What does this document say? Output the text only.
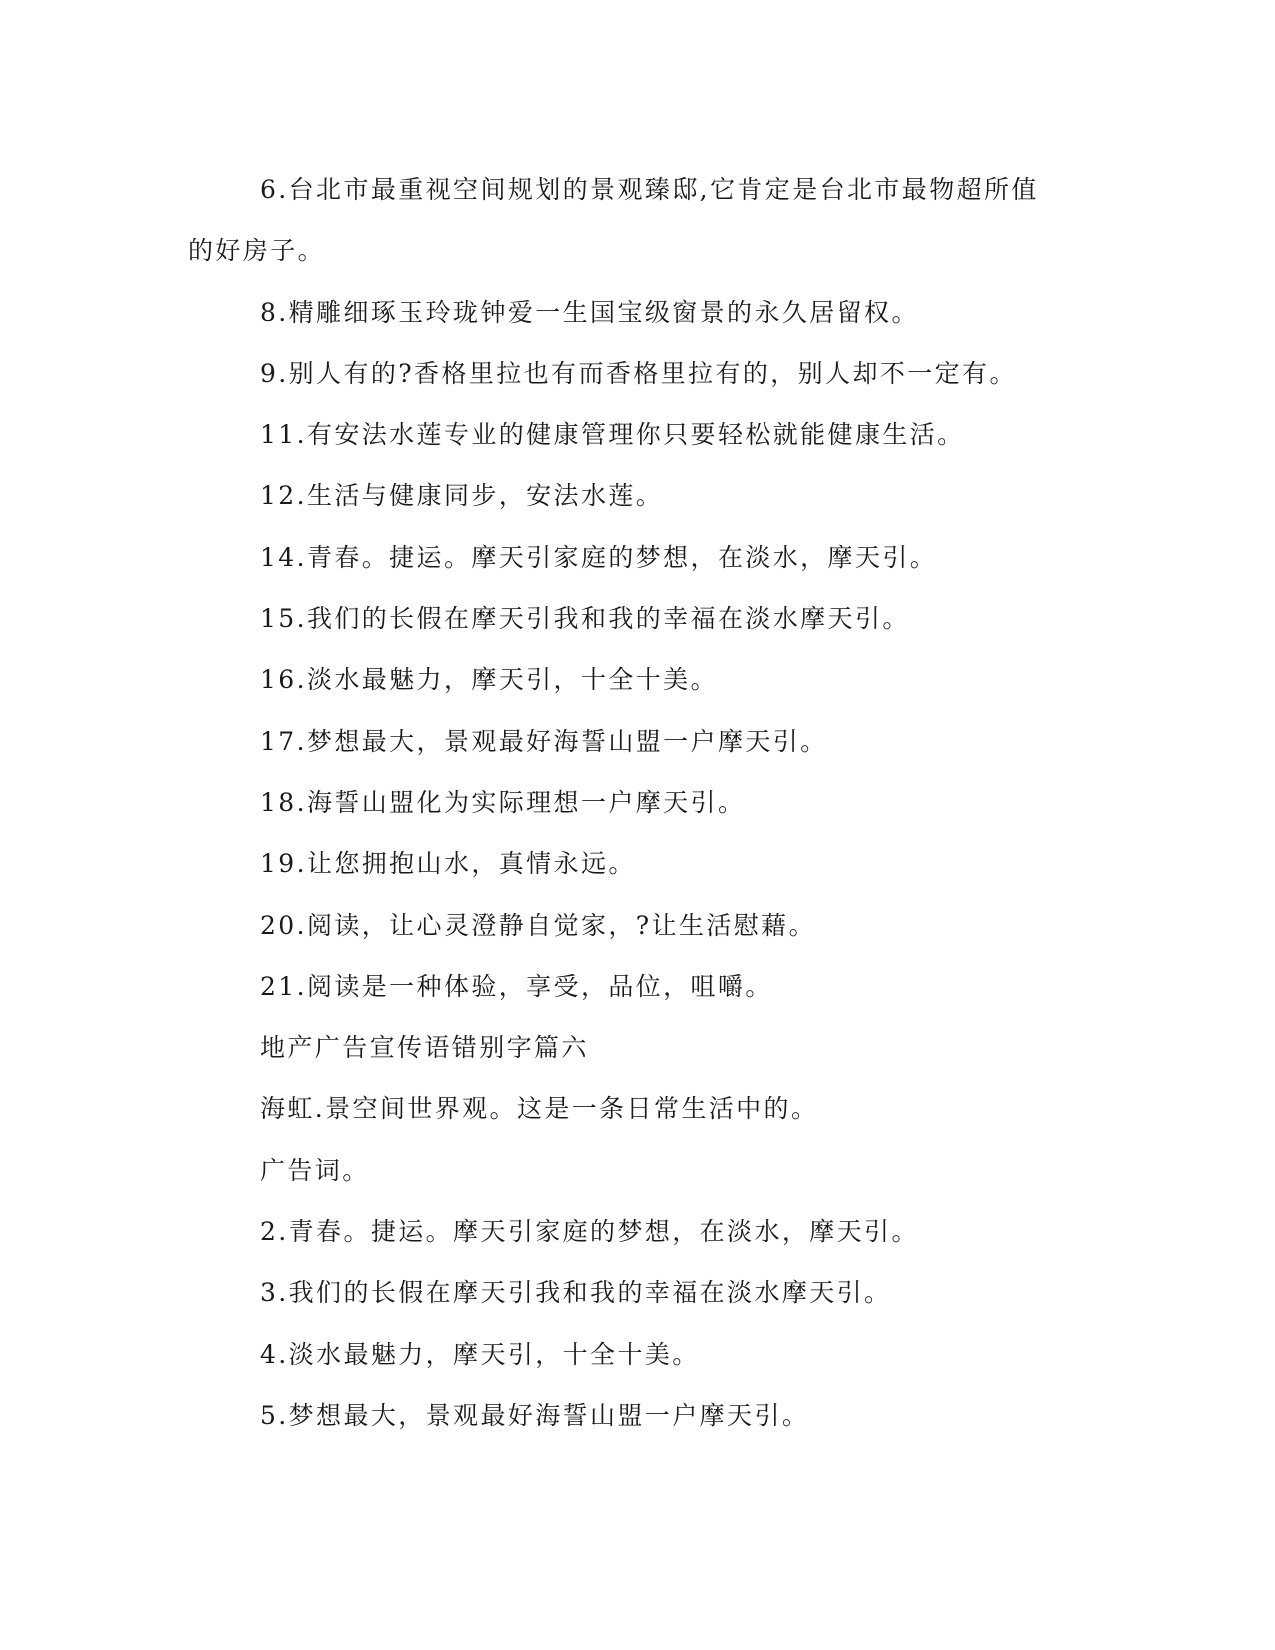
6.台北市最重视空间规划的景观臻邸,它肯定是台北市最物超所值
的好房子。
8.精雕细琢玉玲珑钟爱一生国宝级窗景的永久居留权。
9.别人有的?香格里拉也有而香格里拉有的，别人却不一定有。
11.有安法水莲专业的健康管理你只要轻松就能健康生活。
12.生活与健康同步，安法水莲。
14.青春。捷运。摩天引家庭的梦想，在淡水，摩天引。
15.我们的长假在摩天引我和我的幸福在淡水摩天引。
16.淡水最魅力，摩天引，十全十美。
17.梦想最大，景观最好海誓山盟一户摩天引。
18.海誓山盟化为实际理想一户摩天引。
19.让您拥抱山水，真情永远。
20.阅读，让心灵澄静自觉家，?让生活慰藉。
21.阅读是一种体验，享受，品位，咀嚼。
地产广告宣传语错别字篇六
海虹.景空间世界观。这是一条日常生活中的。
广告词。
2.青春。捷运。摩天引家庭的梦想，在淡水，摩天引。
3.我们的长假在摩天引我和我的幸福在淡水摩天引。
4.淡水最魅力，摩天引，十全十美。
5.梦想最大，景观最好海誓山盟一户摩天引。
